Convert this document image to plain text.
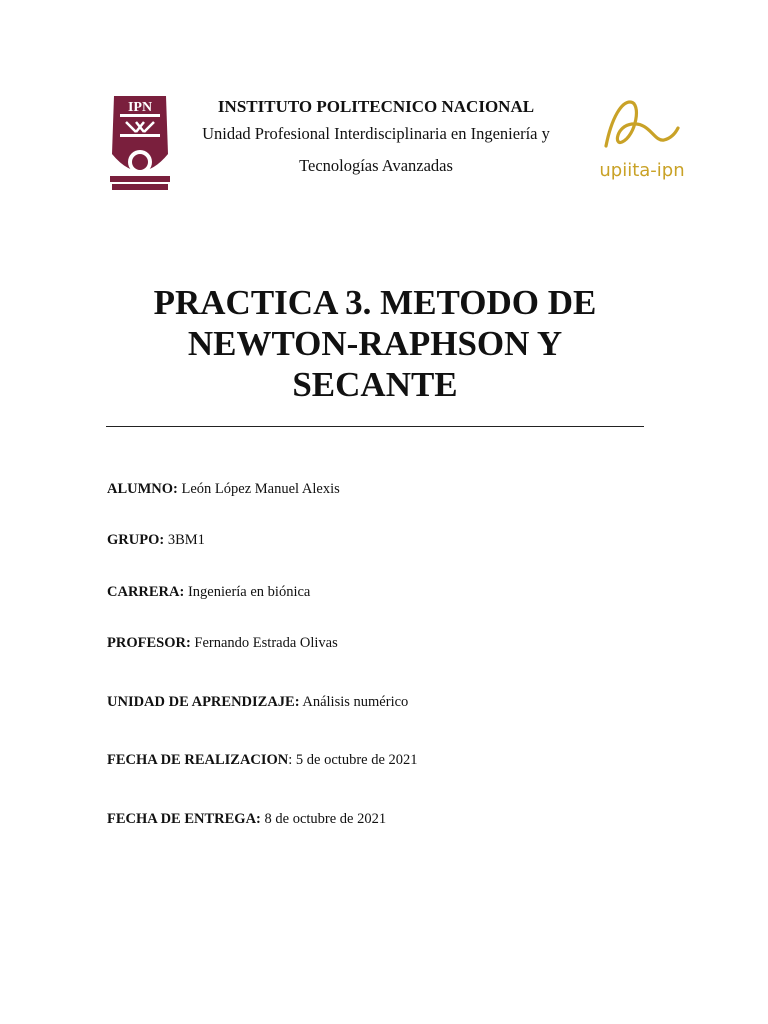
IPN	INSTITUTO POLITECNICO NACIONAL

Unidad Profesional Interdisciplinaria en Ingeniería y

Tecnologías Avanzadas	upiita-ipn
PRACTICA 3. METODO DE
NEWTON-RAPHSON Y
SECANTE
ALUMNO: León López Manuel Alexis
GRUPO: 3BM1
CARRERA: Ingeniería en biónica
PROFESOR: Fernando Estrada Olivas
UNIDAD DE APRENDIZAJE: Análisis numérico
FECHA DE REALIZACION: 5 de octubre de 2021
FECHA DE ENTREGA: 8 de octubre de 2021
